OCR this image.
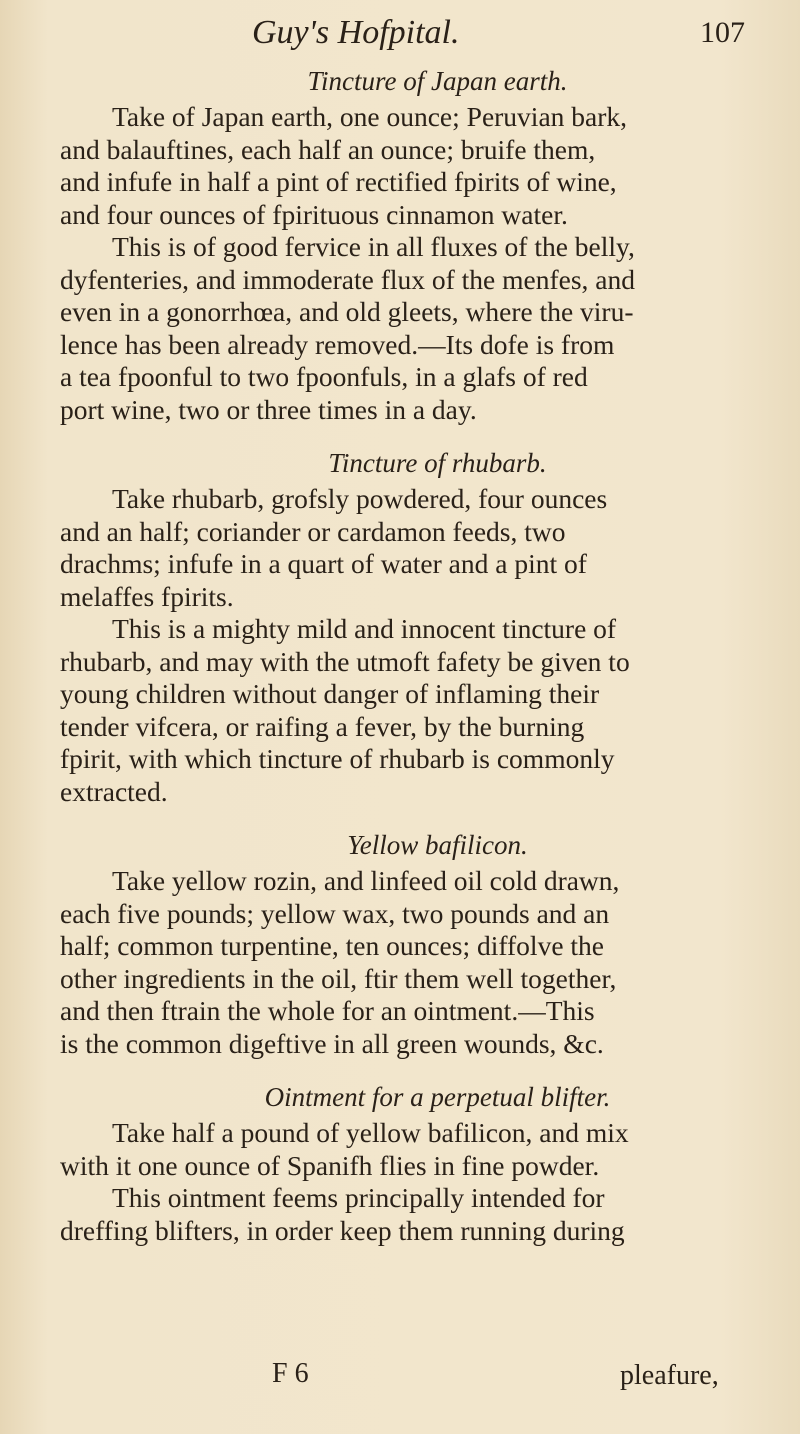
Guy's Hofpital.	107
Tincture of Japan earth.
Take of Japan earth, one ounce; Peruvian bark,
and balauftines, each half an ounce; bruife them,
and infufe in half a pint of rectified fpirits of wine,
and four ounces of fpirituous cinnamon water.
This is of good fervice in all fluxes of the belly,
dyfenteries, and immoderate flux of the menfes, and
even in a gonorrhœa, and old gleets, where the viru-
lence has been already removed.—Its dofe is from
a tea fpoonful to two fpoonfuls, in a glafs of red
port wine, two or three times in a day.
Tincture of rhubarb.
Take rhubarb, grofsly powdered, four ounces
and an half; coriander or cardamon feeds, two
drachms; infufe in a quart of water and a pint of
melaffes fpirits.
This is a mighty mild and innocent tincture of
rhubarb, and may with the utmoft fafety be given to
young children without danger of inflaming their
tender vifcera, or raifing a fever, by the burning
fpirit, with which tincture of rhubarb is commonly
extracted.
Yellow bafilicon.
Take yellow rozin, and linfeed oil cold drawn,
each five pounds; yellow wax, two pounds and an
half; common turpentine, ten ounces; diffolve the
other ingredients in the oil, ftir them well together,
and then ftrain the whole for an ointment.—This
is the common digeftive in all green wounds, &c.
Ointment for a perpetual blifter.
Take half a pound of yellow bafilicon, and mix
with it one ounce of Spanifh flies in fine powder.
This ointment feems principally intended for
dreffing blifters, in order keep them running during
F 6	pleafure,
